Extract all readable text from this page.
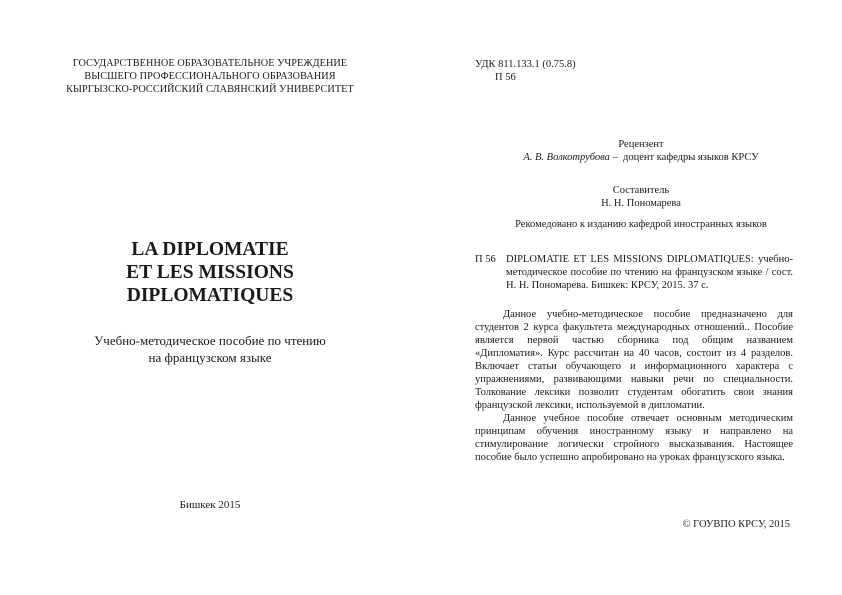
ГОСУДАРСТВЕННОЕ ОБРАЗОВАТЕЛЬНОЕ УЧРЕЖДЕНИЕ
ВЫСШЕГО ПРОФЕССИОНАЛЬНОГО ОБРАЗОВАНИЯ
КЫРГЫЗСКО-РОССИЙСКИЙ СЛАВЯНСКИЙ УНИВЕРСИТЕТ
LA DIPLOMATIE
ET LES MISSIONS
DIPLOMATIQUES
Учебно-методическое пособие по чтению
на французском языке
Бишкек 2015
УДК 811.133.1 (0.75.8)
П 56
Рецензент
А. В. Волкотрубова –  доцент кафедры языков КРСУ
Составитель
Н. Н. Пономарева
Рекомедовано к изданию кафедрой иностранных языков
П 56 DIPLOMATIE ET LES MISSIONS DIPLOMATIQUES: учебно-методическое пособие по чтению на французском языке / сост. Н. Н. Пономарева. Бишкек: КРСУ, 2015. 37 с.

Данное учебно-методическое пособие предназначено для студентов 2 курса факультета международных отношений.. Пособие является первой частью сборника под общим названием «Дипломатия». Курс рассчитан на 40 часов, состоит из 4 разделов. Включает статьи обучающего и информационного характера с упражнениями, развивающими навыки речи по специальности. Толкование лексики позволит студентам обогатить свои знания французской лексики, используемой в дипломатии.

Данное учебное пособие отвечает основным методическим принципам обучения иностранному языку и направлено на стимулирование логически стройного высказывания. Настоящее пособие было успешно апробировано на уроках французского языка.

© ГОУВПО КРСУ, 2015
